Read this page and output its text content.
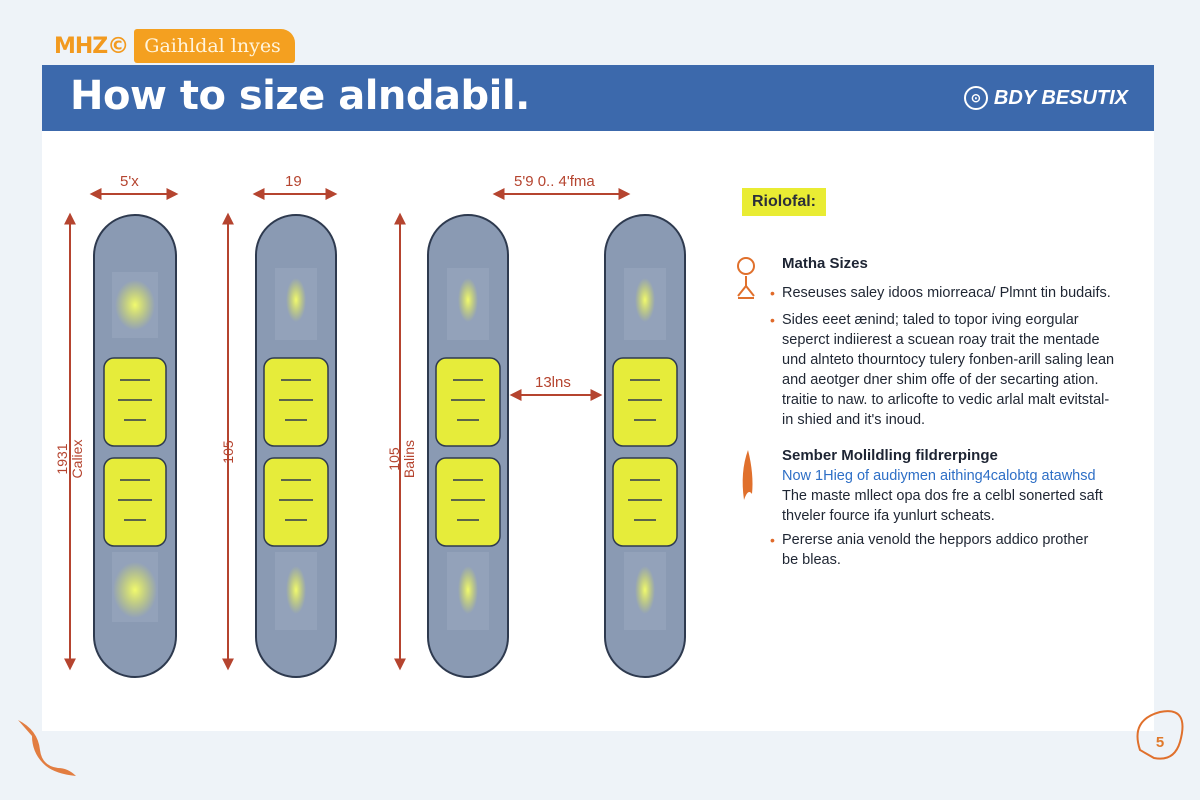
MHZ© Gaihldal lnyes
How to size alndabil.	⊙ BDY BESUTIX
5'x	19	5'9 0.. 4'fma
13lns
1931
Caliex	105	105
Balins
Riolofal:
Matha Sizes
• Reseuses saley idoos miorreaca/ Plmnt tin budaifs.
• Sides eeet ænind; taled to topor iving eorgular
seperct indiierest a scuean roay trait the mentade
und alnteto thourntocy tulery fonben-arill saling lean
and aeotger dner shim offe of der secarting ation.
traitie to naw. to arlicofte to vedic arlal malt evitstal-
in shied and it's inoud.
Sember Molildling fildrerpinge
Now 1Hieg of audiymen aithing4calobtg atawhsd
The maste mllect opa dos fre a celbl sonerted saft
thveler fource ifa yunlurt scheats.
• Pererse ania venold the heppors addico prother
be bleas.
5
